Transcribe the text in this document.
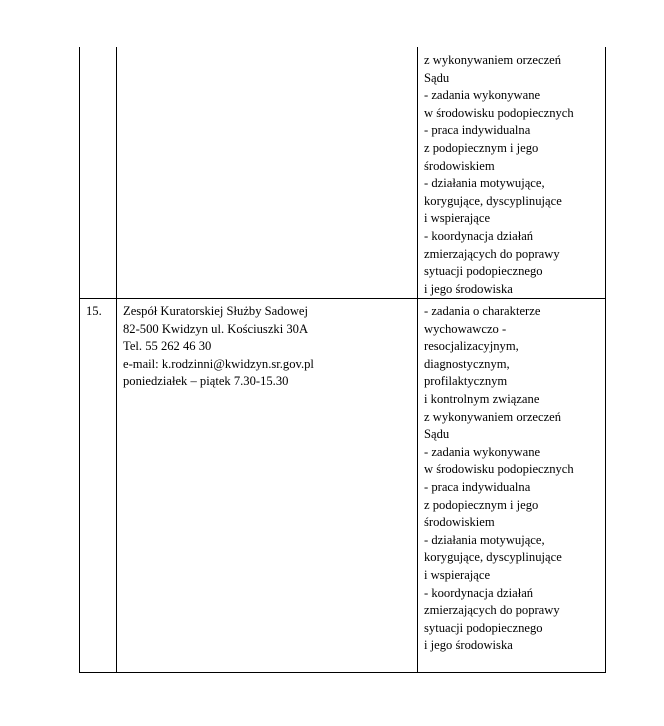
z wykonywaniem orzeczeń
Sądu
- zadania wykonywane
w środowisku podopiecznych
- praca indywidualna
z podopiecznym i jego
środowiskiem
- działania motywujące,
korygujące, dyscyplinujące
i wspierające
- koordynacja działań
zmierzających do poprawy
sytuacji podopiecznego
i jego środowiska
15. Zespół Kuratorskiej Służby Sadowej
82-500 Kwidzyn ul. Kościuszki 30A
Tel. 55 262 46 30
e-mail: k.rodzinni@kwidzyn.sr.gov.pl
poniedziałek – piątek 7.30-15.30
- zadania o charakterze
wychowawczo -
resocjalizacyjnym,
diagnostycznym,
profilaktycznym
i kontrolnym związane
z wykonywaniem orzeczeń
Sądu
- zadania wykonywane
w środowisku podopiecznych
- praca indywidualna
z podopiecznym i jego
środowiskiem
- działania motywujące,
korygujące, dyscyplinujące
i wspierające
- koordynacja działań
zmierzających do poprawy
sytuacji podopiecznego
i jego środowiska
